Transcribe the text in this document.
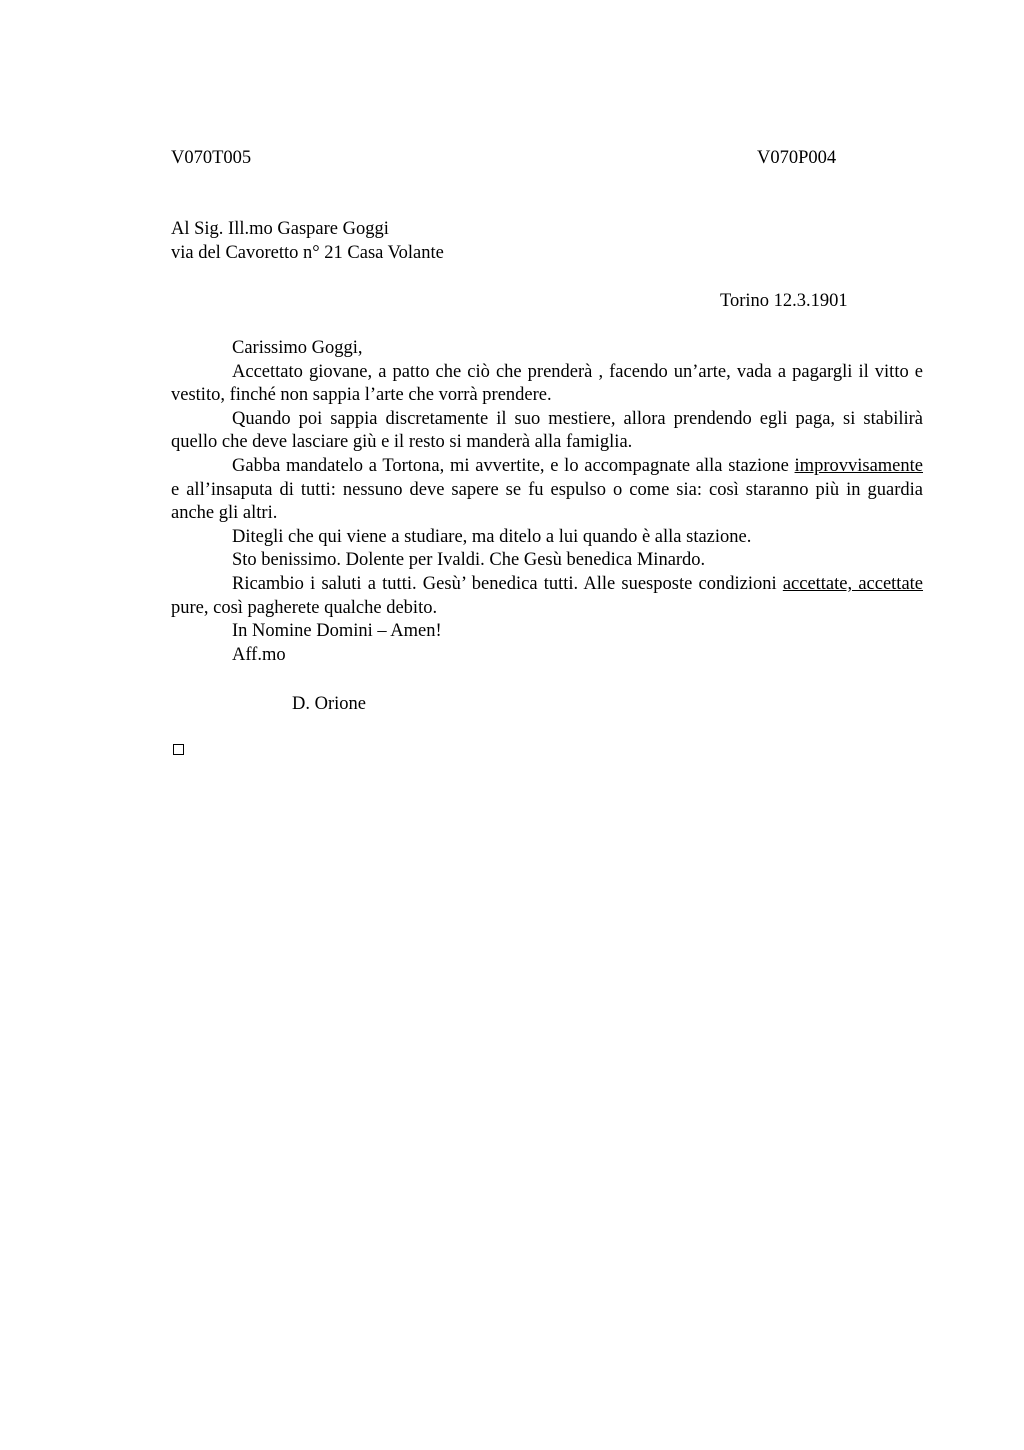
V070T005	V070P004
Al Sig. Ill.mo Gaspare Goggi
via del Cavoretto n° 21 Casa Volante
Torino 12.3.1901

Carissimo Goggi,

Accettato giovane, a patto che ciò che prenderà , facendo un’arte, vada a pagargli il vitto e vestito, finché non sappia l’arte che vorrà prendere.

Quando poi sappia discretamente il suo mestiere, allora prendendo egli paga, si stabilirà quello che deve lasciare giù e il resto si manderà alla famiglia.

Gabba mandatelo a Tortona, mi avvertite, e lo accompagnate alla stazione improvvisamente e all’insaputa di tutti: nessuno deve sapere se fu espulso o come sia: così staranno più in guardia anche gli altri.

Ditegli che qui viene a studiare, ma ditelo a lui quando è alla stazione.

Sto benissimo. Dolente per Ivaldi. Che Gesù benedica Minardo.

Ricambio i saluti a tutti. Gesù’ benedica tutti. Alle suesposte condizioni accettate, accettate pure, così pagherete qualche debito.

In Nomine Domini – Amen!

Aff.mo

D. Orione
